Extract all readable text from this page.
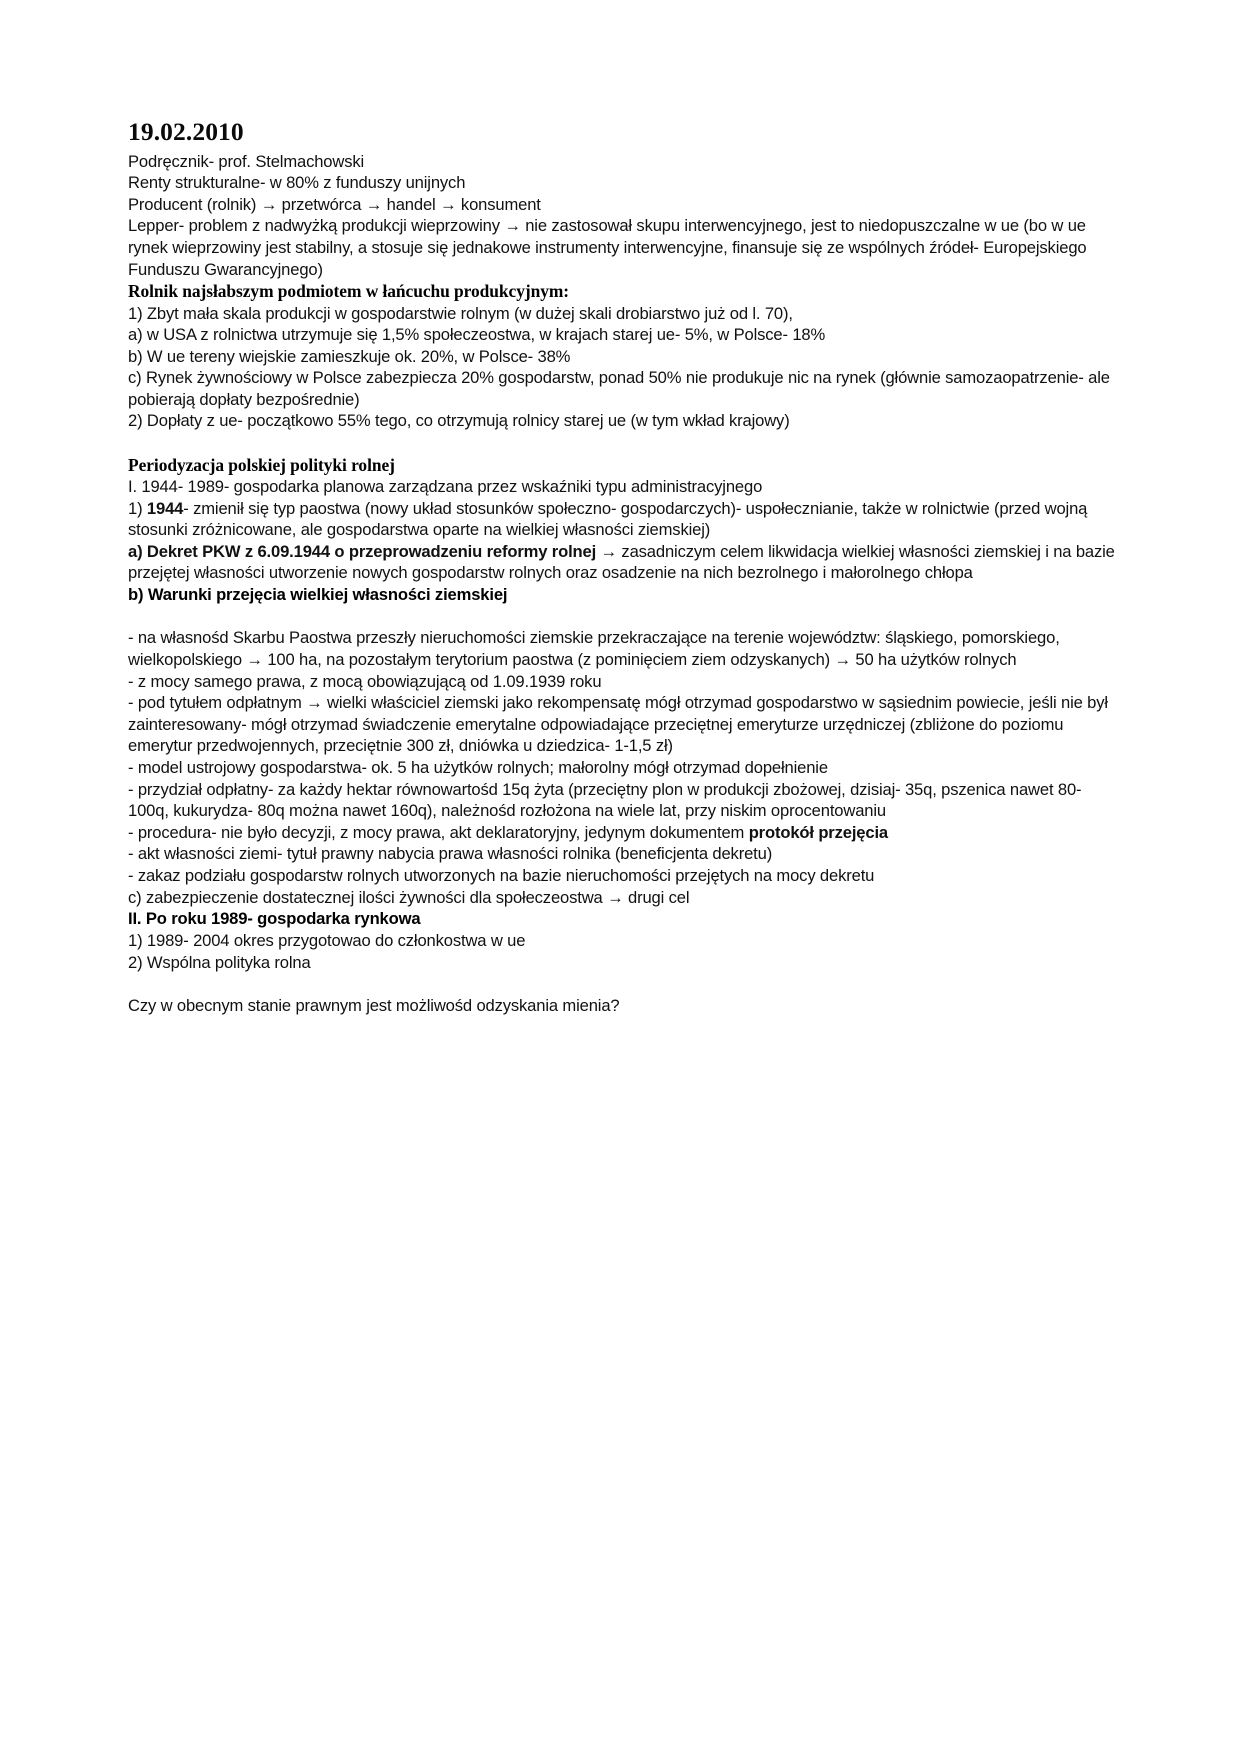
19.02.2010
Podręcznik- prof. Stelmachowski
Renty strukturalne- w 80% z funduszy unijnych
Producent (rolnik) → przetwórca → handel → konsument
Lepper- problem z nadwyżką produkcji wieprzowiny → nie zastosował skupu interwencyjnego, jest to niedopuszczalne w ue (bo w ue rynek wieprzowiny jest stabilny, a stosuje się jednakowe instrumenty interwencyjne, finansuje się ze wspólnych źródeł- Europejskiego Funduszu Gwarancyjnego)
Rolnik najsłabszym podmiotem w łańcuchu produkcyjnym:
1) Zbyt mała skala produkcji w gospodarstwie rolnym (w dużej skali drobiarstwo już od l. 70),
a) w USA z rolnictwa utrzymuje się 1,5% społeczeostwa, w krajach starej ue- 5%, w Polsce- 18%
b) W ue tereny wiejskie zamieszkuje ok. 20%, w Polsce- 38%
c) Rynek żywnościowy w Polsce zabezpiecza 20% gospodarstw, ponad 50% nie produkuje nic na rynek (głównie samozaopatrzenie- ale pobierają dopłaty bezpośrednie)
2) Dopłaty z ue- początkowo 55% tego, co otrzymują rolnicy starej ue (w tym wkład krajowy)
Periodyzacja polskiej polityki rolnej
I. 1944- 1989- gospodarka planowa zarządzana przez wskaźniki typu administracyjnego
1) 1944- zmienił się typ paostwa (nowy układ stosunków społeczno- gospodarczych)- uspołecznianie, także w rolnictwie (przed wojną stosunki zróżnicowane, ale gospodarstwa oparte na wielkiej własności ziemskiej)
a) Dekret PKW z 6.09.1944 o przeprowadzeniu reformy rolnej → zasadniczym celem likwidacja wielkiej własności ziemskiej i na bazie przejętej własności utworzenie nowych gospodarstw rolnych oraz osadzenie na nich bezrolnego i małorolnego chłopa
b) Warunki przejęcia wielkiej własności ziemskiej
- na własnośd Skarbu Paostwa przeszły nieruchomości ziemskie przekraczające na terenie województw: śląskiego, pomorskiego, wielkopolskiego → 100 ha, na pozostałym terytorium paostwa (z pominięciem ziem odzyskanych) → 50 ha użytków rolnych
- z mocy samego prawa, z mocą obowiązującą od 1.09.1939 roku
- pod tytułem odpłatnym → wielki właściciel ziemski jako rekompensatę mógł otrzymad gospodarstwo w sąsiednim powiecie, jeśli nie był zainteresowany- mógł otrzymad świadczenie emerytalne odpowiadające przeciętnej emeryturze urzędniczej (zbliżone do poziomu emerytur przedwojennych, przeciętnie 300 zł, dniówka u dziedzica- 1-1,5 zł)
- model ustrojowy gospodarstwa- ok. 5 ha użytków rolnych; małorolny mógł otrzymad dopełnienie
- przydział odpłatny- za każdy hektar równowartośd 15q żyta (przeciętny plon w produkcji zbożowej, dzisiaj- 35q, pszenica nawet 80-100q, kukurydza- 80q można nawet 160q), należnośd rozłożona na wiele lat, przy niskim oprocentowaniu
- procedura- nie było decyzji, z mocy prawa, akt deklaratoryjny, jedynym dokumentem protokół przejęcia
- akt własności ziemi- tytuł prawny nabycia prawa własności rolnika (beneficjenta dekretu)
- zakaz podziału gospodarstw rolnych utworzonych na bazie nieruchomości przejętych na mocy dekretu
c) zabezpieczenie dostatecznej ilości żywności dla społeczeostwa → drugi cel
II. Po roku 1989- gospodarka rynkowa
1) 1989- 2004 okres przygotowao do członkostwa w ue
2) Wspólna polityka rolna
Czy w obecnym stanie prawnym jest możliwośd odzyskania mienia?
